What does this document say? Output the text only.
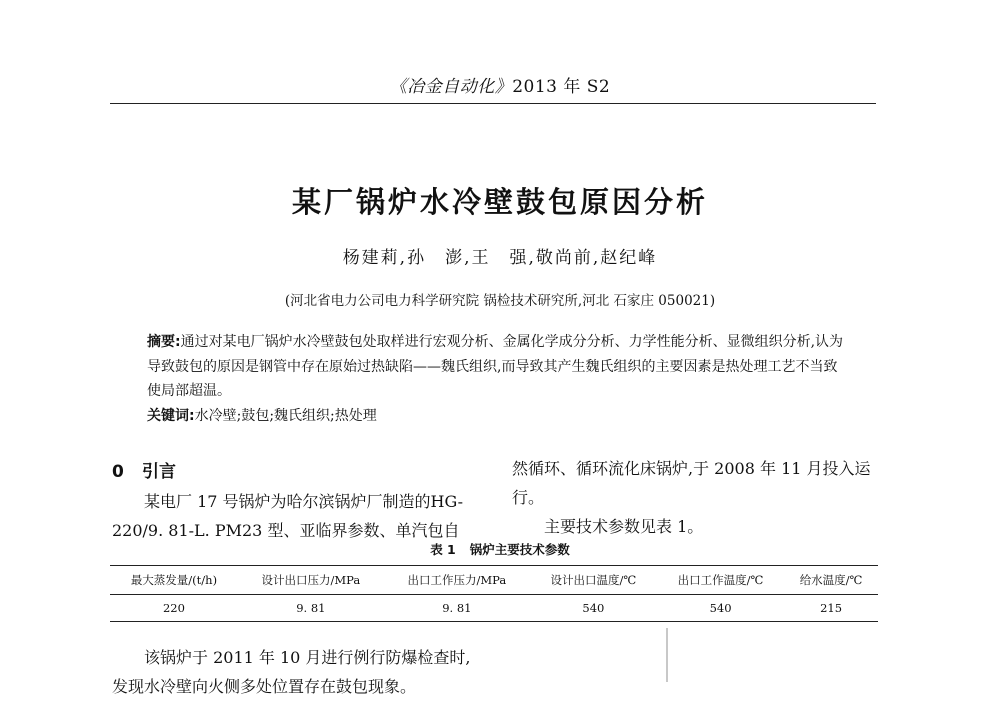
《冶金自动化》2013 年 S2
某厂锅炉水冷壁鼓包原因分析
杨建莉,孙　澎,王　强,敬尚前,赵纪峰
(河北省电力公司电力科学研究院 锅检技术研究所,河北 石家庄 050021)
摘要:通过对某电厂锅炉水冷壁鼓包处取样进行宏观分析、金属化学成分分析、力学性能分析、显微组织分析,认为导致鼓包的原因是钢管中存在原始过热缺陷——魏氏组织,而导致其产生魏氏组织的主要因素是热处理工艺不当致使局部超温。
关键词:水冷壁;鼓包;魏氏组织;热处理
0 引言

某电厂 17 号锅炉为哈尔滨锅炉厂制造的HG-220/9. 81-L. PM23 型、亚临界参数、单汽包自

然循环、循环流化床锅炉,于 2008 年 11 月投入运行。

主要技术参数见表 1。

表 1 锅炉主要技术参数
最大蒸发量/(t/h)	设计出口压力/MPa	出口工作压力/MPa	设计出口温度/℃	出口工作温度/℃	给水温度/℃
220	9. 81	9. 81	540	540	215

该锅炉于 2011 年 10 月进行例行防爆检查时,发现水冷壁向火侧多处位置存在鼓包现象。
